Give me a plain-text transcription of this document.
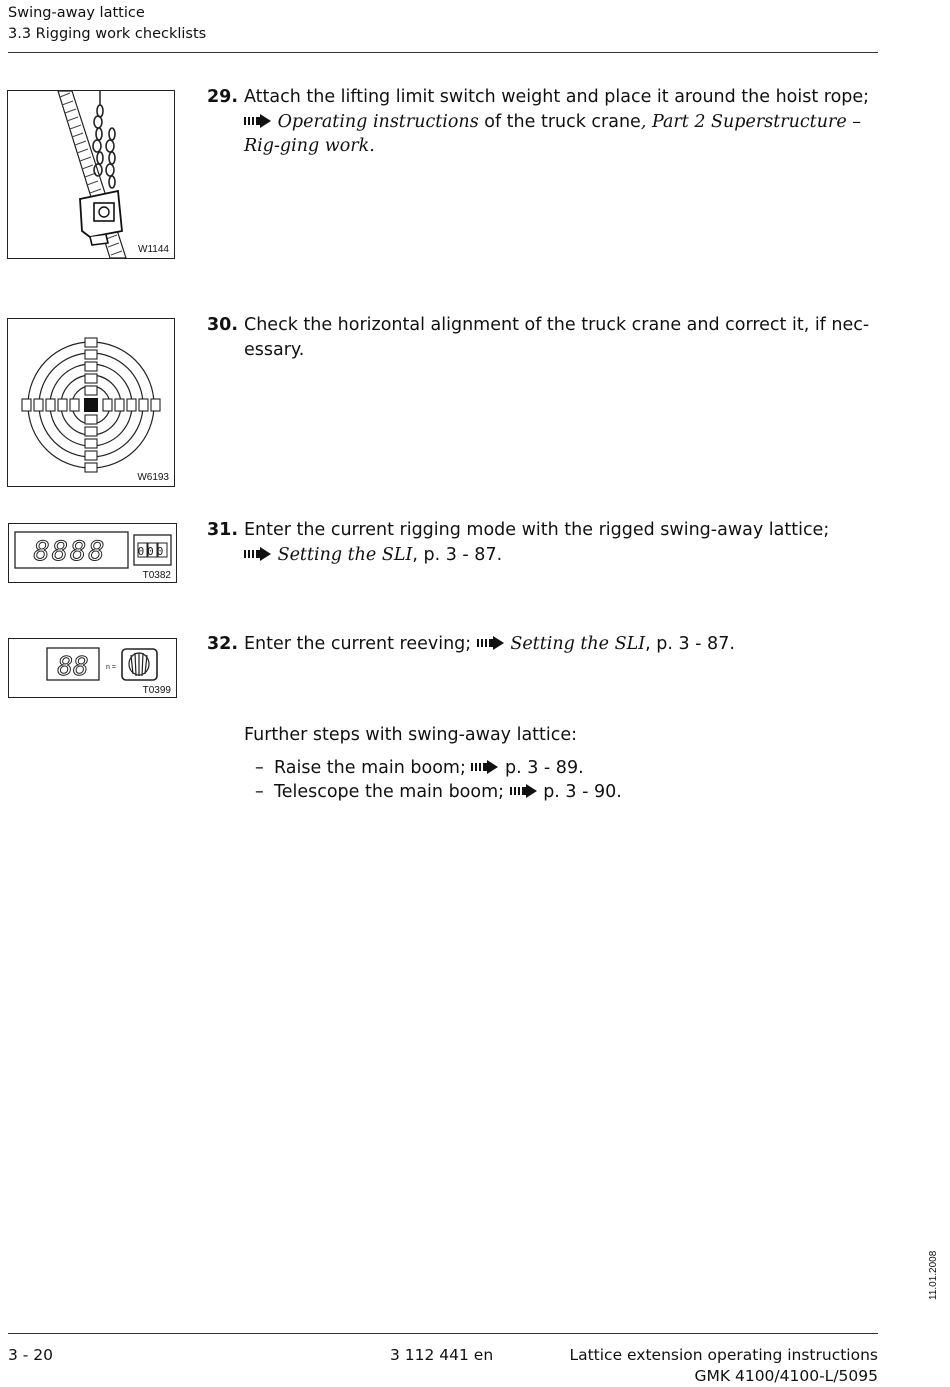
Swing-away lattice
3.3 Rigging work checklists
W1144
29. Attach the lifting limit switch weight and place it around the hoist rope;
Operating instructions of the truck crane, Part 2 Superstructure – Rig-ging work.
W6193
30. Check the horizontal alignment of the truck crane and correct it, if nec-essary.
8888	000
T0382
31. Enter the current rigging mode with the rigged swing-away lattice;
Setting the SLI, p. 3 - 87.
88 n =
T0399
32. Enter the current reeving; Setting the SLI, p. 3 - 87.
Further steps with swing-away lattice:
– Raise the main boom; p. 3 - 89.
– Telescope the main boom; p. 3 - 90.
11.01.2008
3 - 20	3 112 441 en	Lattice extension operating instructions
GMK 4100/4100-L/5095
